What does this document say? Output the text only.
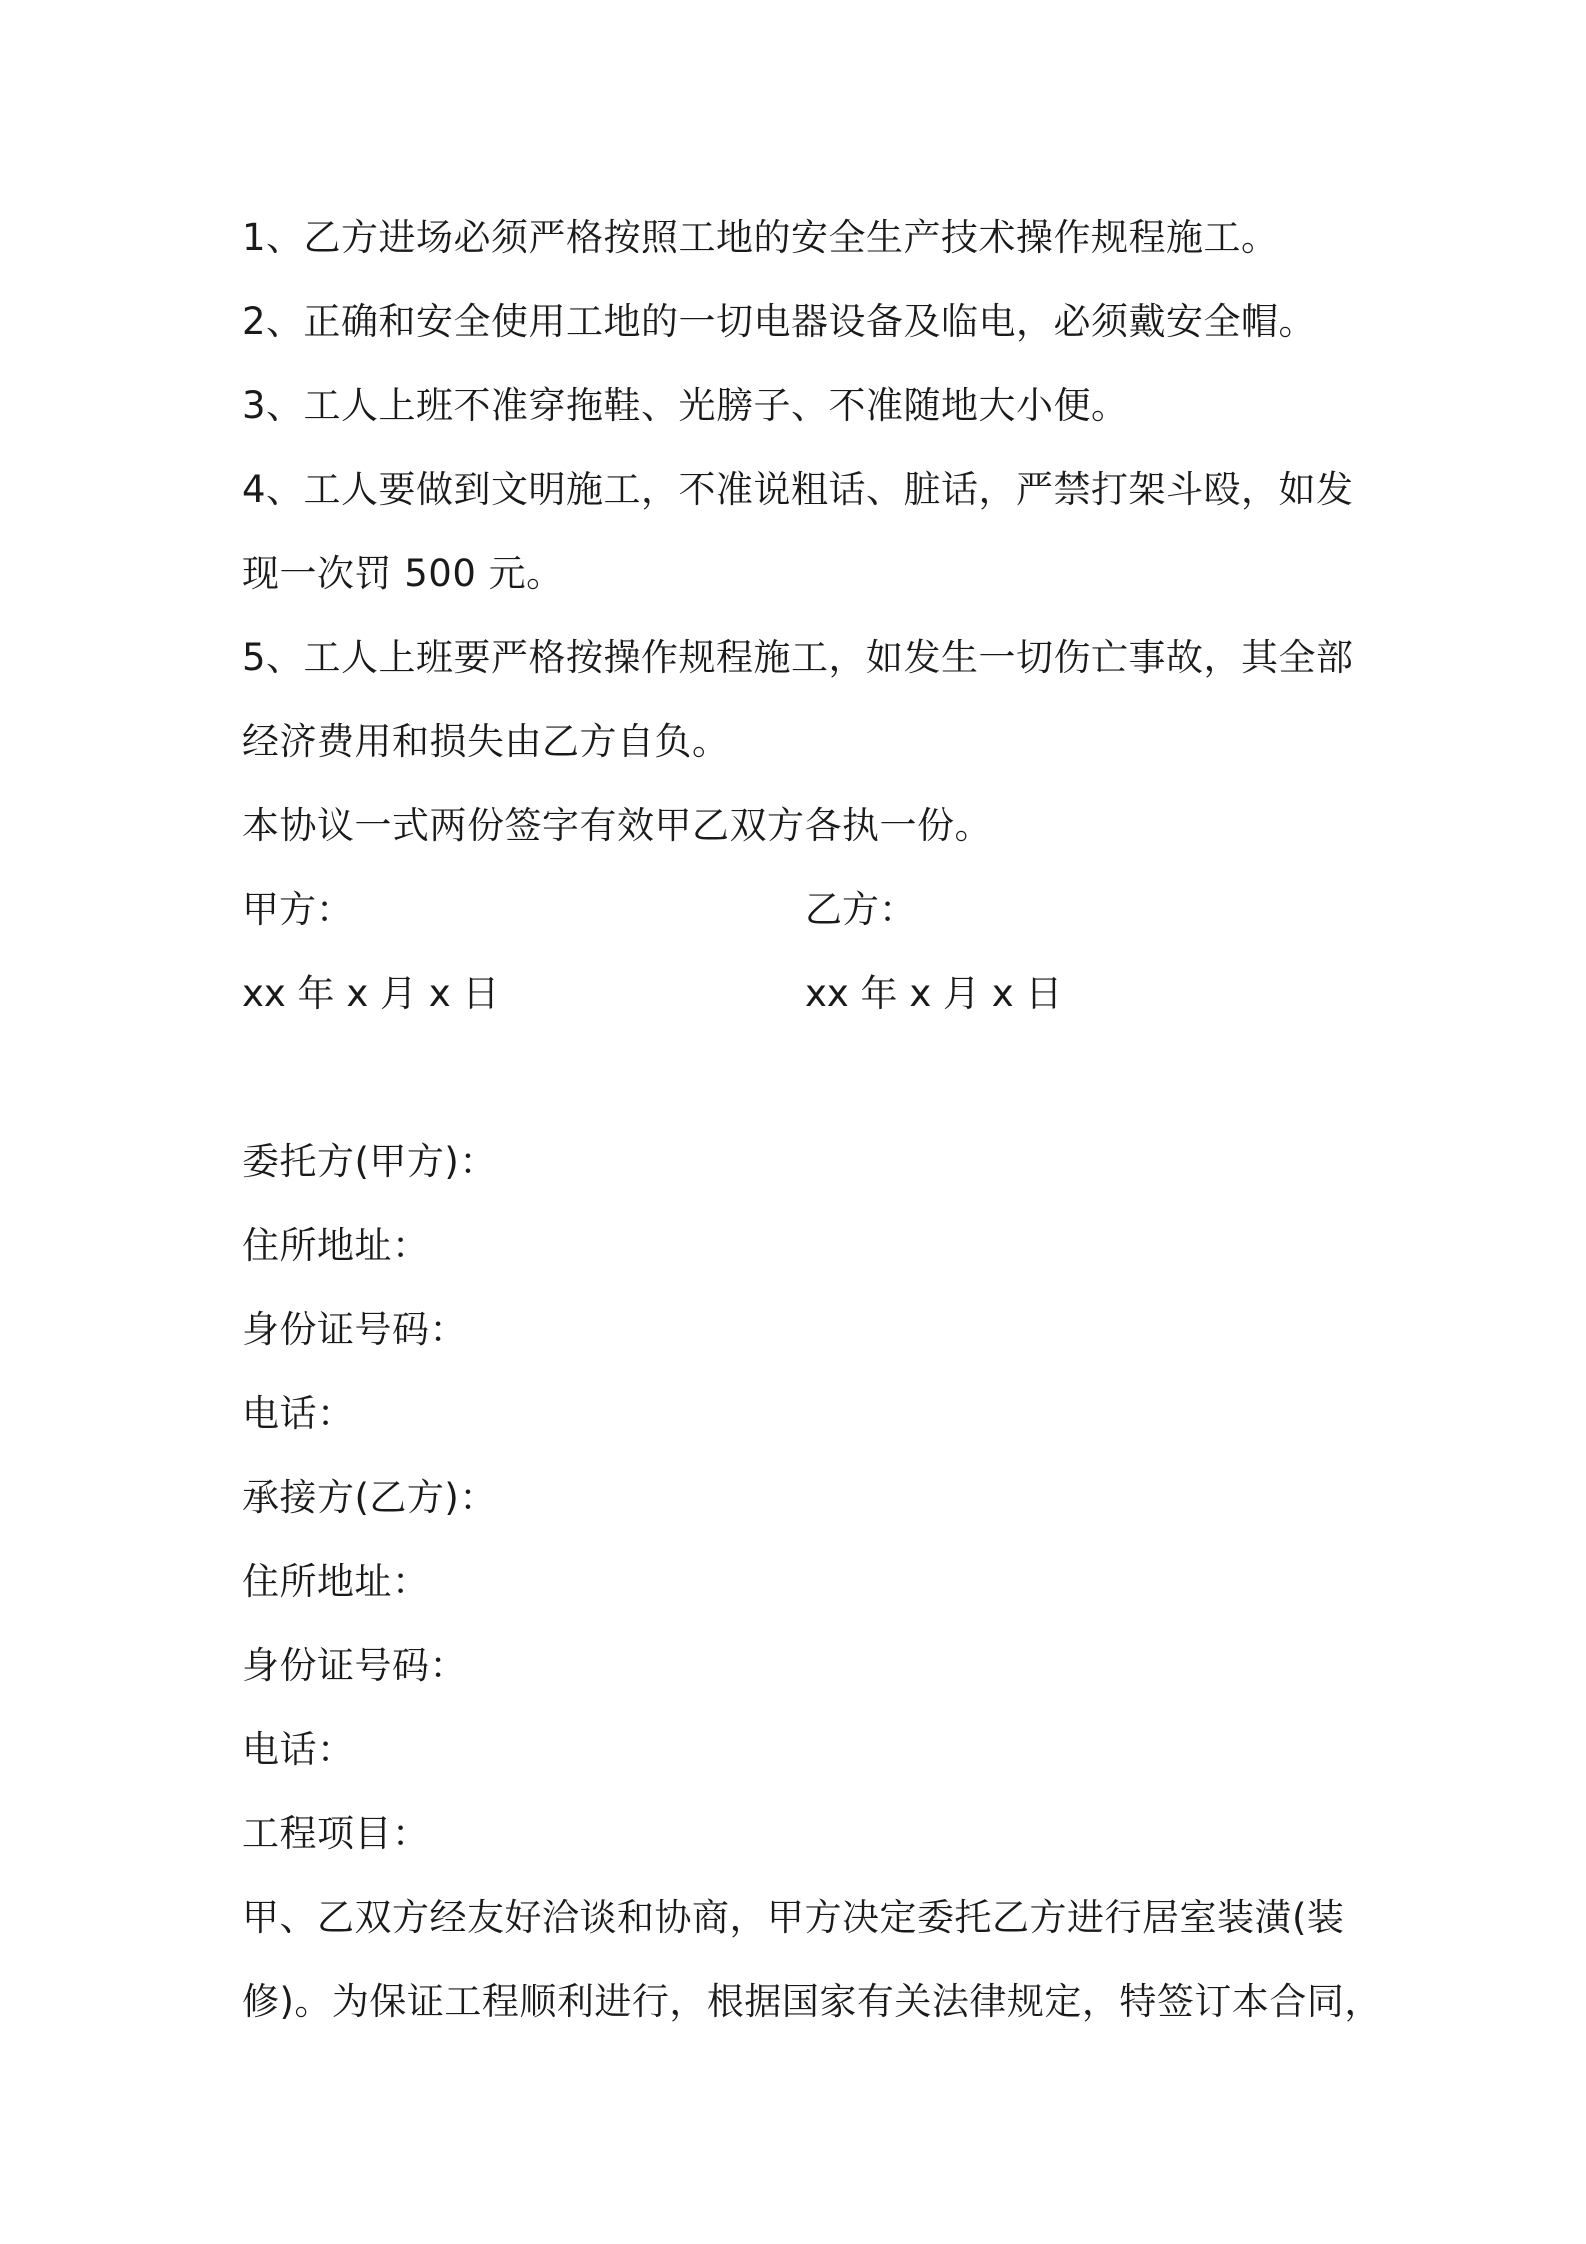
1、乙方进场必须严格按照工地的安全生产技术操作规程施工。
2、正确和安全使用工地的一切电器设备及临电，必须戴安全帽。
3、工人上班不准穿拖鞋、光膀子、不准随地大小便。
4、工人要做到文明施工，不准说粗话、脏话，严禁打架斗殴，如发
现一次罚 500 元。
5、工人上班要严格按操作规程施工，如发生一切伤亡事故，其全部
经济费用和损失由乙方自负。
本协议一式两份签字有效甲乙双方各执一份。
甲方：	乙方：
xx 年 x 月 x 日	xx 年 x 月 x 日
委托方(甲方)：
住所地址：
身份证号码：
电话：
承接方(乙方)：
住所地址：
身份证号码：
电话：
工程项目：
甲、乙双方经友好洽谈和协商，甲方决定委托乙方进行居室装潢(装
修)。为保证工程顺利进行，根据国家有关法律规定，特签订本合同，
